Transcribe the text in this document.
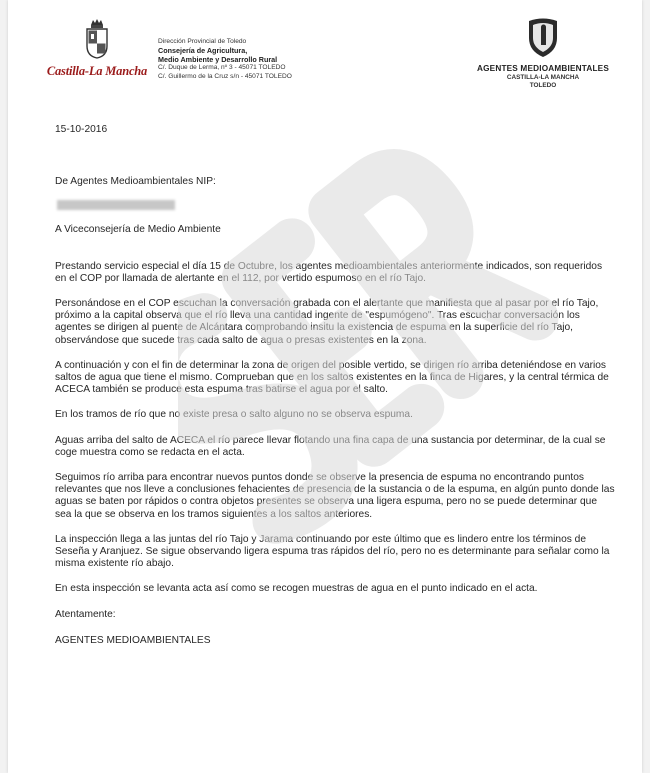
Castilla-La Mancha
Dirección Provincial de Toledo
Consejería de Agricultura,
Medio Ambiente y Desarrollo Rural
C/. Duque de Lerma, nº 3 - 45071 TOLEDO
C/. Guillermo de la Cruz s/n - 45071 TOLEDO
AGENTES MEDIOAMBIENTALES
CASTILLA-LA MANCHA
TOLEDO
15-10-2016
De Agentes Medioambientales NIP:
A Viceconsejería de Medio Ambiente

Prestando servicio especial el día 15 de Octubre, los agentes medioambientales anteriormente indicados, son requeridos en el COP por llamada de alertante en el 112, por vertido espumoso en el río Tajo.

Personándose en el COP escuchan la conversación grabada con el alertante que manifiesta que al pasar por el río Tajo, próximo a la capital observa que el río lleva una cantidad ingente de "espumógeno". Tras escuchar conversación los agentes se dirigen al puente de Alcántara comprobando insitu la existencia de espuma en la superficie del río Tajo, observándose que sucede tras cada salto de agua o presas existentes en la zona.

A continuación y con el fin de determinar la zona de origen del posible vertido, se dirigen río arriba deteniéndose en varios saltos de agua que tiene el mismo. Comprueban que en los saltos existentes en la finca de Higares, y la central térmica de ACECA también se produce esta espuma tras batirse el agua por el salto.

En los tramos de río que no existe presa o salto alguno no se observa espuma.

Aguas arriba del salto de ACECA el río parece llevar flotando una fina capa de una sustancia por determinar, de la cual se coge muestra como se redacta en el acta.

Seguimos río arriba para encontrar nuevos puntos donde se observe la presencia de espuma no encontrando puntos relevantes que nos lleve a conclusiones fehacientes de presencia de la sustancia o de la espuma, en algún punto donde las aguas se baten por rápidos o contra objetos presentes se observa una ligera espuma, pero no se puede determinar que sea la que se observa en los tramos siguientes a los saltos anteriores.

La inspección llega a las juntas del río Tajo y Jarama continuando por este último que es lindero entre los términos de Seseña y Aranjuez. Se sigue observando ligera espuma tras rápidos del río, pero no es determinante para señalar como la misma existente río abajo.

En esta inspección se levanta acta así como se recogen muestras de agua en el punto indicado en el acta.

Atentamente:
AGENTES MEDIOAMBIENTALES
